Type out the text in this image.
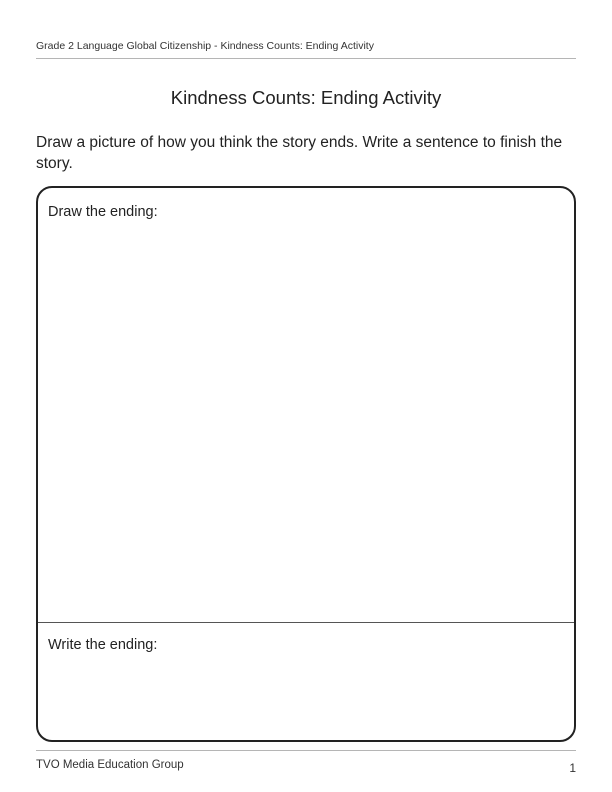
Grade 2 Language Global Citizenship - Kindness Counts: Ending Activity
Kindness Counts: Ending Activity
Draw a picture of how you think the story ends. Write a sentence to finish the story.
Draw the ending:
Write the ending:
TVO Media Education Group	1
